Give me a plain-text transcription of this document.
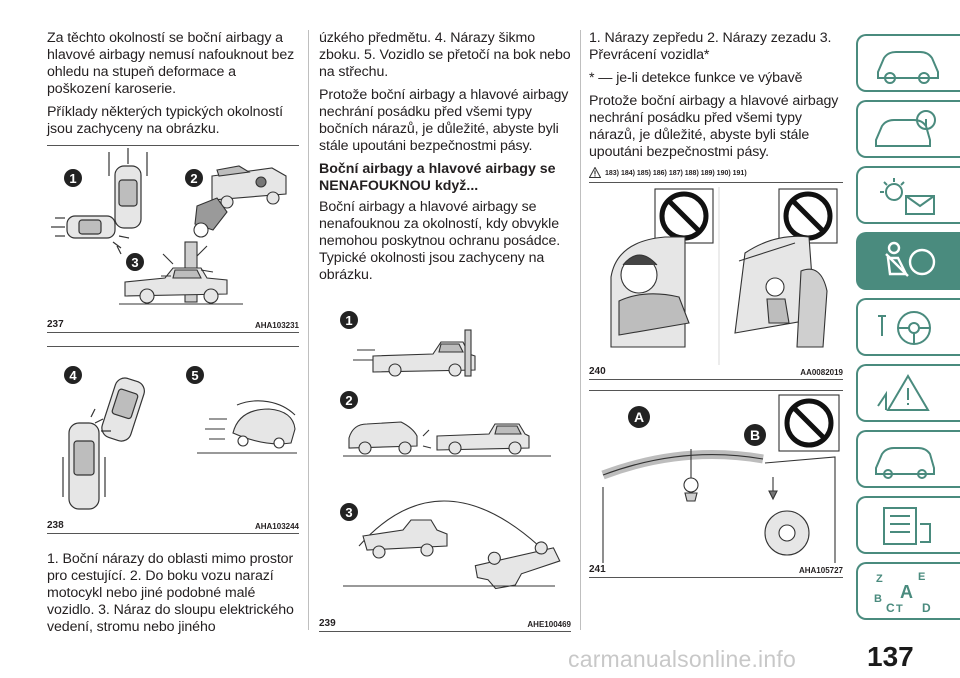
Za těchto okolností se boční airbagy a hlavové airbagy nemusí nafouknout bez ohledu na stupeň deformace a poškození karoserie.

Příklady některých typických okolností jsou zachyceny na obrázku.

1	2
3
237	AHA103231
4	5
238	AHA103244

1. Boční nárazy do oblasti mimo prostor pro cestující. 2. Do boku vozu narazí motocykl nebo jiné podobné malé vozidlo. 3. Náraz do sloupu elektrického vedení, stromu nebo jiného

úzkého předmětu. 4. Nárazy šikmo zboku. 5. Vozidlo se přetočí na bok nebo na střechu.

Protože boční airbagy a hlavové airbagy nechrání posádku před všemi typy bočních nárazů, je důležité, abyste byli stále upoutáni bezpečnostmi pásy.

Boční airbagy a hlavové airbagy se NENAFOUKNOU když...

Boční airbagy a hlavové airbagy se nenafouknou za okolností, kdy obvykle nemohou poskytnou ochranu posádce. Typické okolnosti jsou zachyceny na obrázku.

1
2
3
239	AHE100469

1. Nárazy zepředu 2. Nárazy zezadu 3. Převrácení vozidla*

* — je-li detekce funkce ve výbavě

Protože boční airbagy a hlavové airbagy nechrání posádku před všemi typy nárazů, je důležité, abyste byli stále upoutáni bezpečnostmi pásy.

183) 184) 185) 186) 187) 188) 189) 190) 191)
240	AA0082019
A
B
241	AHA105727
Z	E
A
B
C T D
carmanualsonline.info	137
